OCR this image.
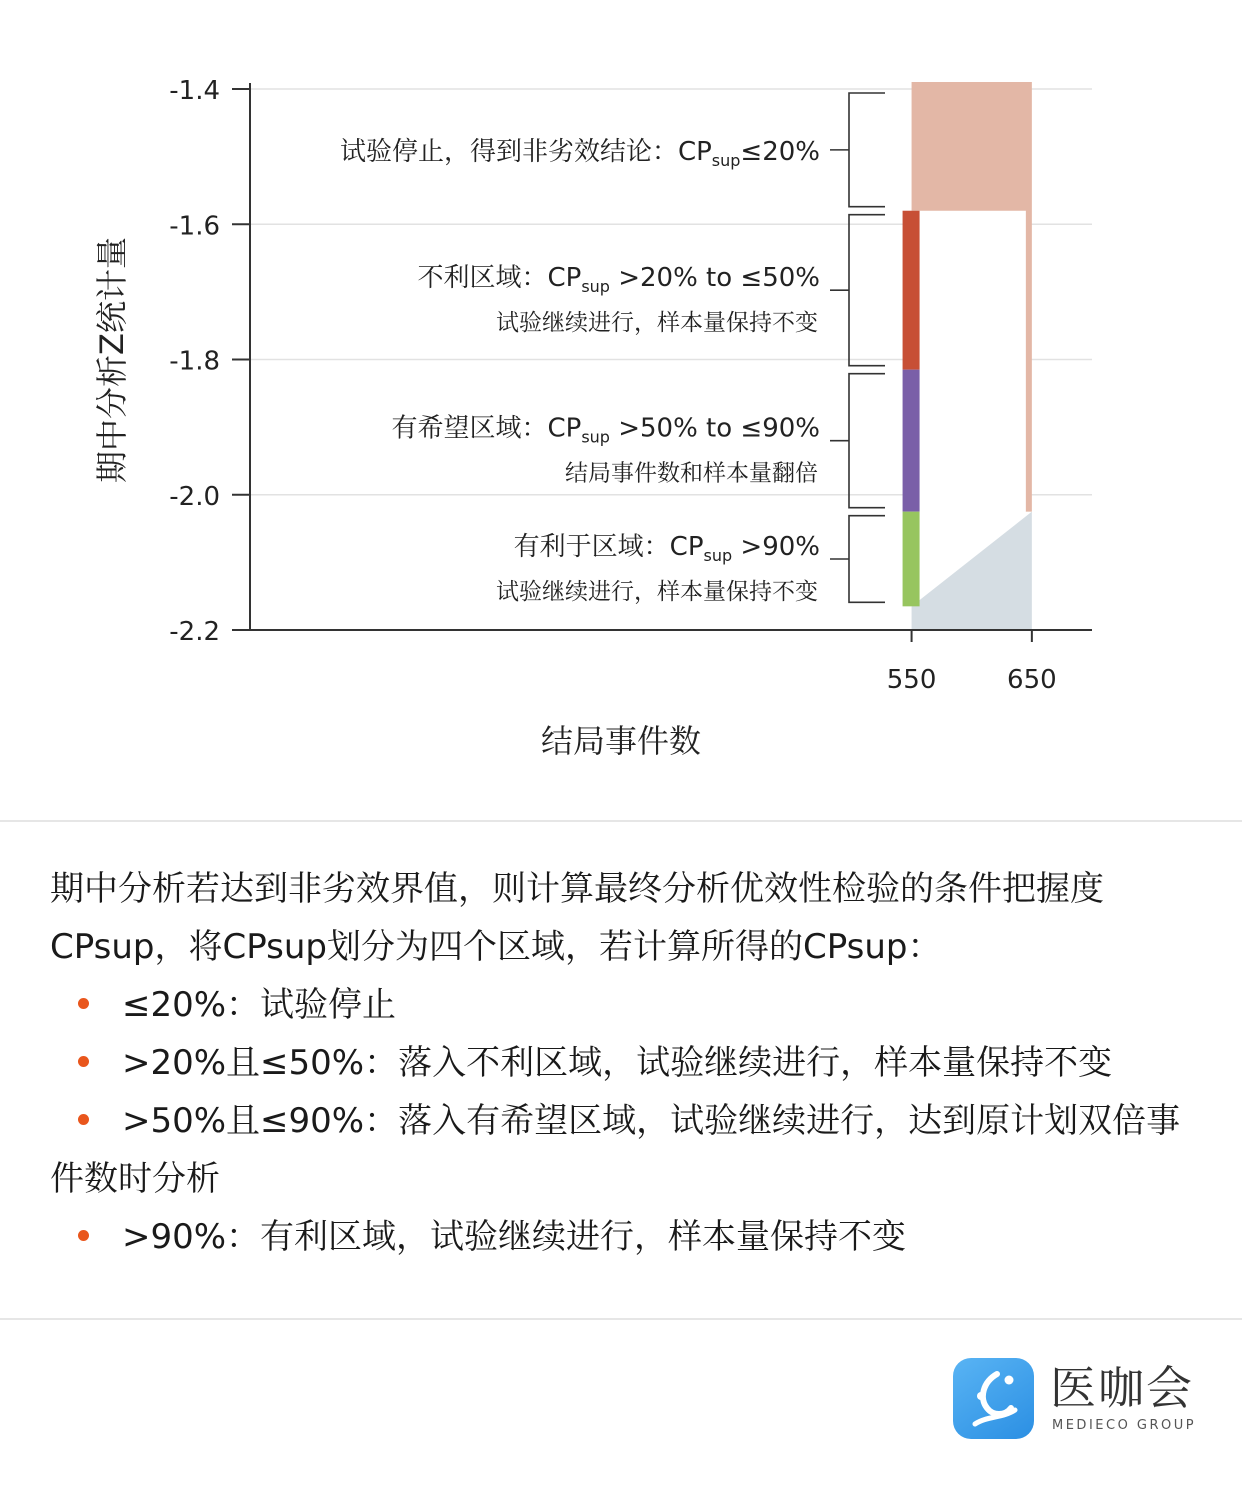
-1.4
-1.6
-1.8
-2.0
-2.2
550	650
试验停止，得到非劣效结论：$CP_{sup}\le 20\%$
不利区域：$CP_{sup} >20\%$ to ≤50%
试验继续进行，样本量保持不变
有希望区域：$CP_{sup} >50\%$ to ≤90%
结局事件数和样本量翻倍
有利于区域：$CP_{sup} >90\%$
试验继续进行，样本量保持不变
结局事件数
期中分析Z统计量

期中分析若达到非劣效界值，则计算最终分析优效性检验的条件把握度CPsup，将CPsup划分为四个区域，若计算所得的CPsup：

≤20%：试验停止
>20%且≤50%：落入不利区域，试验继续进行，样本量保持不变
>50%且≤90%：落入有希望区域，试验继续进行，达到原计划双倍事件数时分析
>90%：有利区域，试验继续进行，样本量保持不变
医咖会
MEDIECO GROUP
